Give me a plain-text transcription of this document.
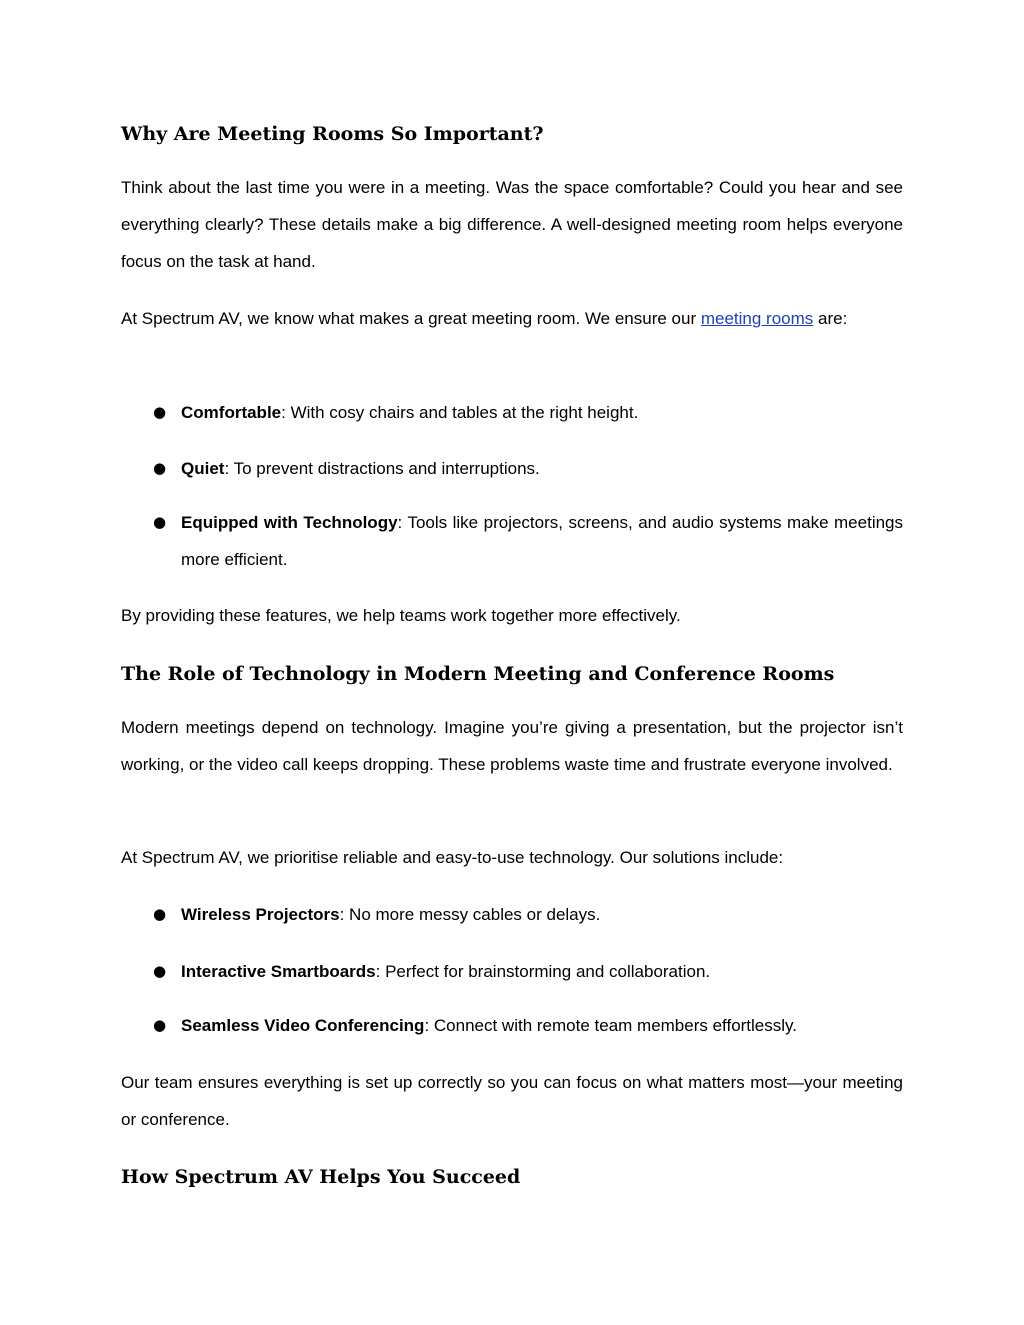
Why Are Meeting Rooms So Important?

Think about the last time you were in a meeting. Was the space comfortable? Could you hear and see everything clearly? These details make a big difference. A well-designed meeting room helps everyone focus on the task at hand.

At Spectrum AV, we know what makes a great meeting room. We ensure our meeting rooms are:

● Comfortable: With cosy chairs and tables at the right height.
● Quiet: To prevent distractions and interruptions.
● Equipped with Technology: Tools like projectors, screens, and audio systems make meetings more efficient.

By providing these features, we help teams work together more effectively.

The Role of Technology in Modern Meeting and Conference Rooms

Modern meetings depend on technology. Imagine you’re giving a presentation, but the projector isn’t working, or the video call keeps dropping. These problems waste time and frustrate everyone involved.

At Spectrum AV, we prioritise reliable and easy-to-use technology. Our solutions include:

● Wireless Projectors: No more messy cables or delays.
● Interactive Smartboards: Perfect for brainstorming and collaboration.
● Seamless Video Conferencing: Connect with remote team members effortlessly.

Our team ensures everything is set up correctly so you can focus on what matters most—your meeting or conference.

How Spectrum AV Helps You Succeed
